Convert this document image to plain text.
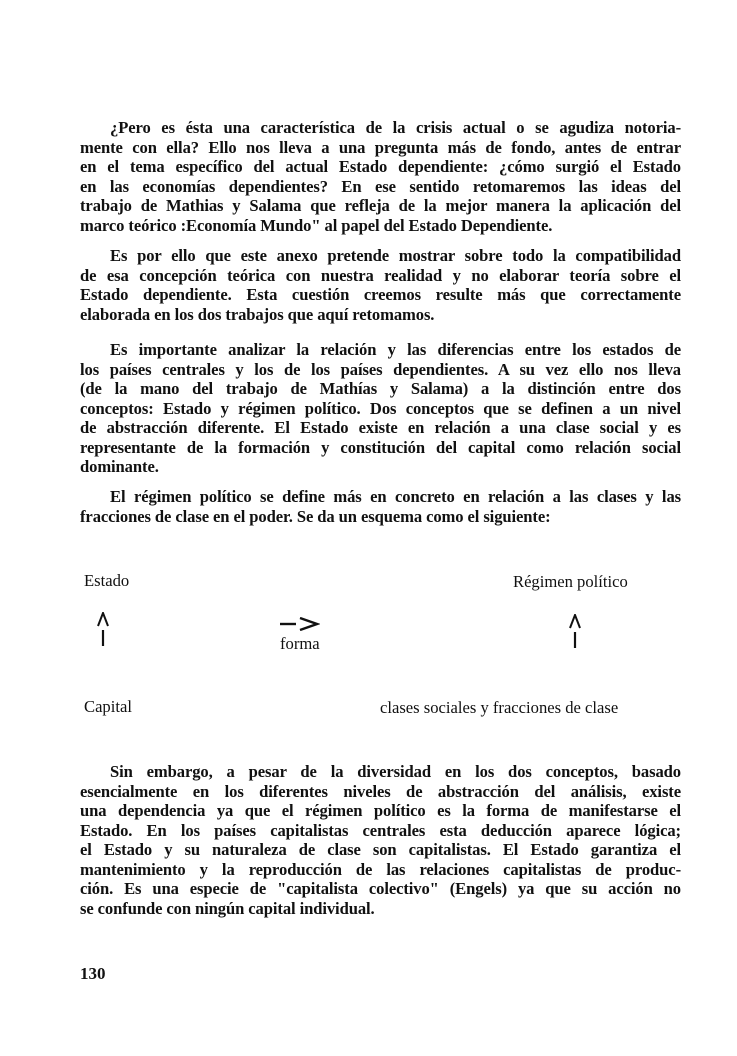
¿Pero es ésta una característica de la crisis actual o se agudiza notoria-
mente con ella? Ello nos lleva a una pregunta más de fondo, antes de entrar
en el tema específico del actual Estado dependiente: ¿cómo surgió el Estado
en las economías dependientes? En ese sentido retomaremos las ideas del
trabajo de Mathias y Salama que refleja de la mejor manera la aplicación del
marco teórico :Economía Mundo" al papel del Estado Dependiente.
Es por ello que este anexo pretende mostrar sobre todo la compatibilidad
de esa concepción teórica con nuestra realidad y no elaborar teoría sobre el
Estado dependiente. Esta cuestión creemos resulte más que correctamente
elaborada en los dos trabajos que aquí retomamos.
Es importante analizar la relación y las diferencias entre los estados de
los países centrales y los de los países dependientes. A su vez ello nos lleva
(de la mano del trabajo de Mathías y Salama) a la distinción entre dos
conceptos: Estado y régimen político. Dos conceptos que se definen a un nivel
de abstracción diferente. El Estado existe en relación a una clase social y es
representante de la formación y constitución del capital como relación social
dominante.
El régimen político se define más en concreto en relación a las clases y las
fracciones de clase en el poder. Se da un esquema como el siguiente:
Estado	Régimen político
forma
Capital	clases sociales y fracciones de clase
Sin embargo, a pesar de la diversidad en los dos conceptos, basado
esencialmente en los diferentes niveles de abstracción del análisis, existe
una dependencia ya que el régimen político es la forma de manifestarse el
Estado. En los países capitalistas centrales esta deducción aparece lógica;
el Estado y su naturaleza de clase son capitalistas. El Estado garantiza el
mantenimiento y la reproducción de las relaciones capitalistas de produc-
ción. Es una especie de "capitalista colectivo" (Engels) ya que su acción no
se confunde con ningún capital individual.
130
